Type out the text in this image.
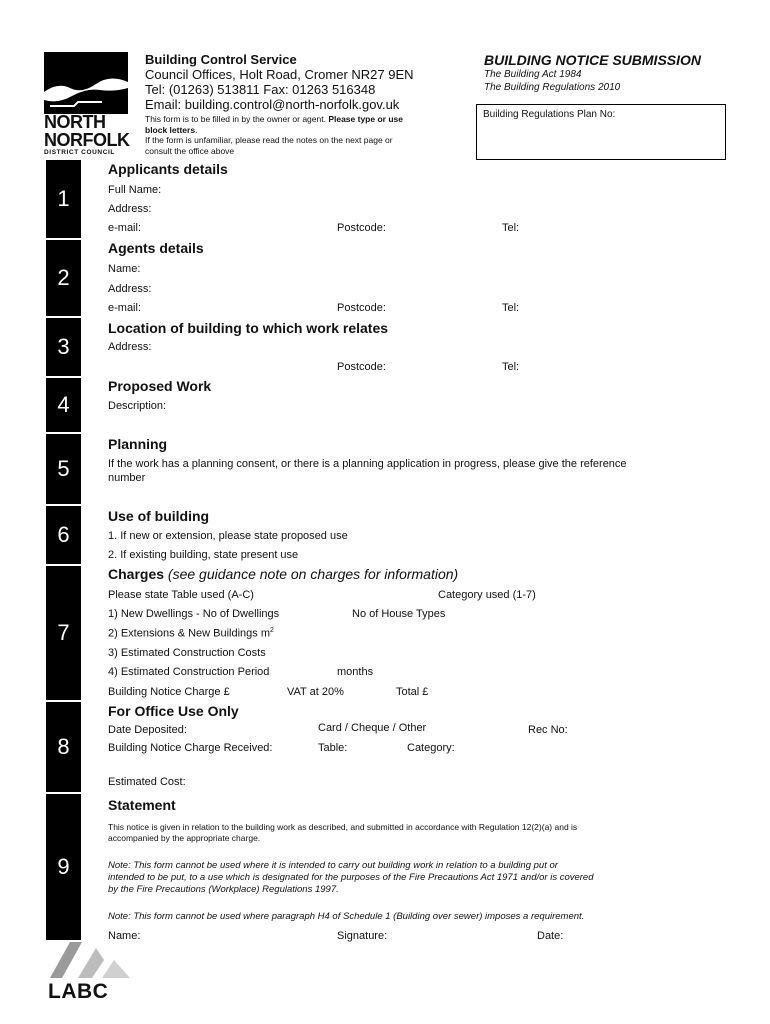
NORTH
NORFOLK
DISTRICT COUNCIL
Building Control Service
Council Offices, Holt Road, Cromer NR27 9EN
Tel: (01263) 513811 Fax: 01263 516348
Email: building.control@north-norfolk.gov.uk
This form is to be filled in by the owner or agent. Please type or use
block letters.
If the form is unfamiliar, please read the notes on the next page or
consult the office above
BUILDING NOTICE SUBMISSION
The Building Act 1984
The Building Regulations 2010
Building Regulations Plan No:
1
2
3
4
5
6
7
8
9
Applicants details
Full Name:
Address:
e-mail:	Postcode:	Tel:
Agents details
Name:
Address:
e-mail:	Postcode:	Tel:
Location of building to which work relates
Address:
Postcode:	Tel:
Proposed Work
Description:
Planning
If the work has a planning consent, or there is a planning application in progress, please give the reference
number
Use of building
1. If new or extension, please state proposed use
2. If existing building, state present use
Charges (see guidance note on charges for information)
Please state Table used (A-C)	Category used (1-7)
1) New Dwellings - No of Dwellings	No of House Types
2) Extensions & New Buildings $m^2$
3) Estimated Construction Costs
4) Estimated Construction Period	months
Building Notice Charge £	VAT at 20%	Total £
For Office Use Only
Date Deposited:	Card / Cheque / Other	Rec No:
Building Notice Charge Received:	Table:	Category:
Estimated Cost:
Statement
This notice is given in relation to the building work as described, and submitted in accordance with Regulation 12(2)(a) and is
accompanied by the appropriate charge.
Note: This form cannot be used where it is intended to carry out building work in relation to a building put or
intended to be put, to a use which is designated for the purposes of the Fire Precautions Act 1971 and/or is covered
by the Fire Precautions (Workplace) Regulations 1997.
Note: This form cannot be used where paragraph H4 of Schedule 1 (Building over sewer) imposes a requirement.
Name:	Signature:	Date:
LABC
